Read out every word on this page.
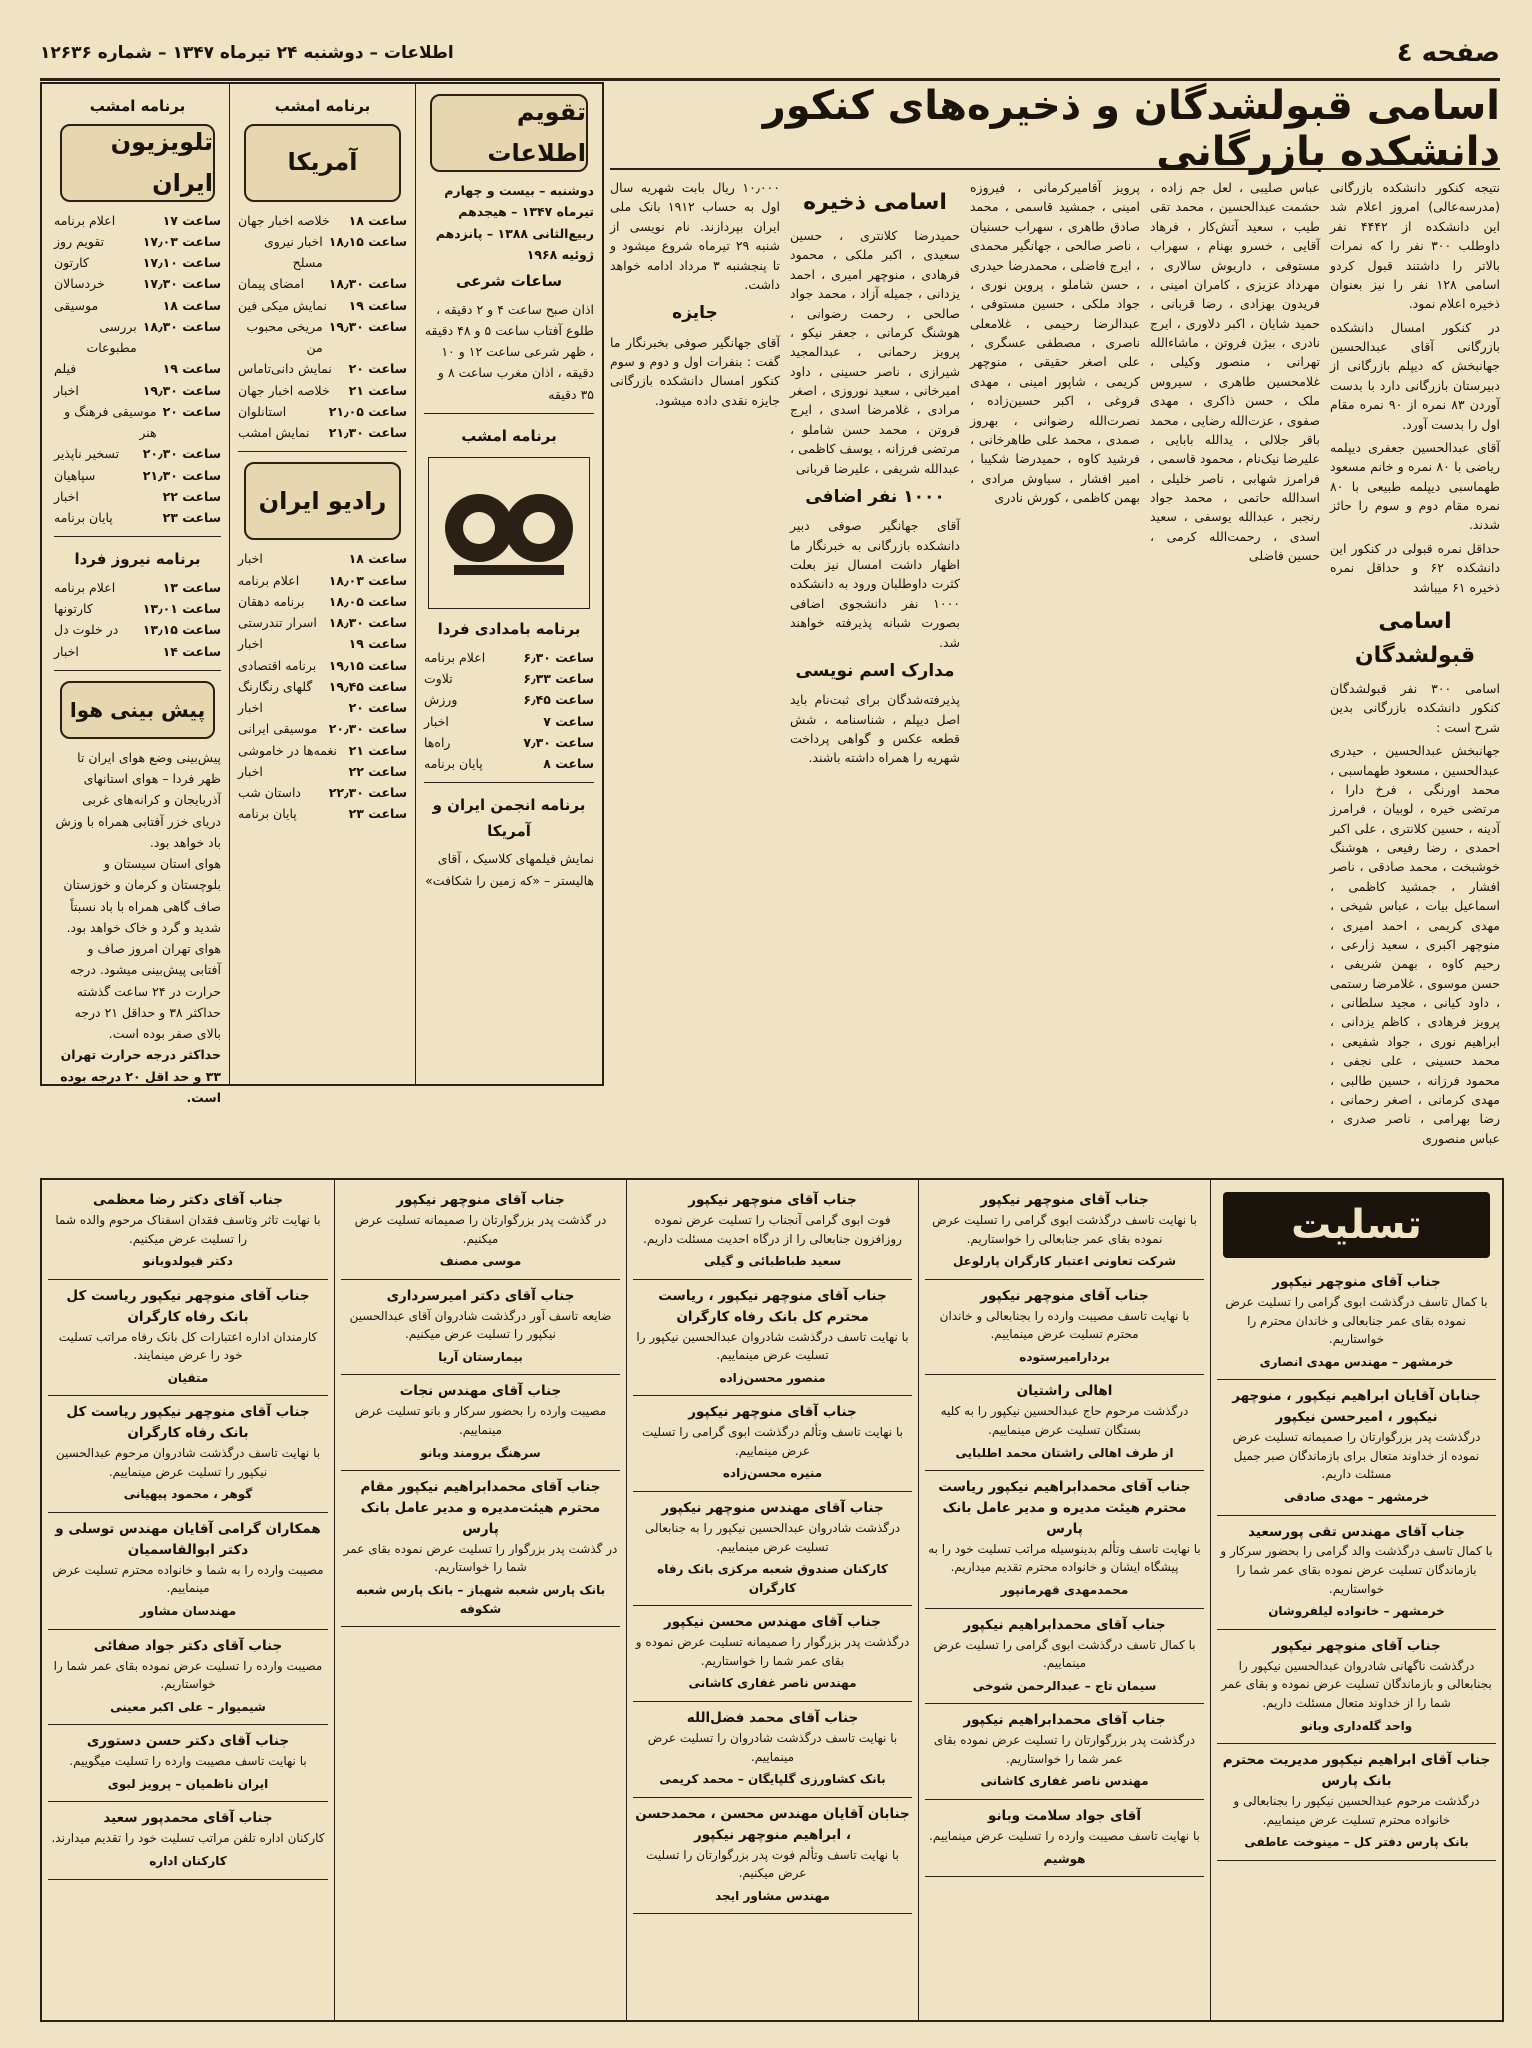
صفحه ٤
اطلاعات – دوشنبه ۲۴ تیرماه ۱۳۴۷ – شماره ۱۲۶۳۶
اسامی قبولشدگان و ذخیره‌های کنکور دانشکده بازرگانی

نتیجه کنکور دانشکده بازرگانی (مدرسه‌عالی) امروز اعلام شد این دانشکده از ۴۴۴۲ نفر داوطلب ۳۰۰ نفر را که نمرات بالاتر را داشتند قبول کردو اسامی ۱۲۸ نفر را نیز بعنوان ذخیره اعلام نمود.

در کنکور امسال دانشکده بازرگانی آقای عبدالحسین جهانبخش که دیپلم بازرگانی از دبیرستان بازرگانی دارد با بدست آوردن ۸۳ نمره از ۹۰ نمره مقام اول را بدست آورد.

آقای عبدالحسین جعفری دیپلمه ریاضی با ۸۰ نمره و خانم مسعود طهماسبی دیپلمه طبیعی با ۸۰ نمره مقام دوم و سوم را حائز شدند.

حداقل نمره قبولی در کنکور این دانشکده ۶۲ و حداقل نمره ذخیره ۶۱ میباشد

اسامی قبولشدگان

اسامی ۳۰۰ نفر قبولشدگان کنکور دانشکده بازرگانی بدین شرح است :

جهانبخش عبدالحسین ، حیدری عبدالحسین ، مسعود طهماسبی ، محمد اورنگی ، فرخ دارا ، مرتضی خیره ، لوبیان ، فرامرز آدینه ، حسین کلانتری ، علی اکبر احمدی ، رضا رفیعی ، هوشنگ خوشبخت ، محمد صادقی ، ناصر افشار ، جمشید کاظمی ، اسماعیل بیات ، عباس شیخی ، مهدی کریمی ، احمد امیری ، منوچهر اکبری ، سعید زارعی ، رحیم کاوه ، بهمن شریفی ، حسن موسوی ، غلامرضا رستمی ، داود کیانی ، مجید سلطانی ، پرویز فرهادی ، کاظم یزدانی ، ابراهیم نوری ، جواد شفیعی ، محمد حسینی ، علی نجفی ، محمود فرزانه ، حسین طالبی ، مهدی کرمانی ، اصغر رحمانی ، رضا بهرامی ، ناصر صدری ، عباس منصوری

عباس صلیبی ، لعل جم زاده ، حشمت عبدالحسین ، محمد تقی طیب ، سعید آتش‌کار ، فرهاد آقایی ، خسرو بهنام ، سهراب مستوفی ، داریوش سالاری ، مهرداد عزیزی ، کامران امینی ، فریدون بهزادی ، رضا قربانی ، حمید شایان ، اکبر دلاوری ، ایرج نادری ، بیژن فروتن ، ماشاءالله تهرانی ، منصور وکیلی ، غلامحسین طاهری ، سیروس ملک ، حسن ذاکری ، مهدی صفوی ، عزت‌الله رضایی ، محمد باقر جلالی ، یدالله بابایی ، علیرضا نیک‌نام ، محمود قاسمی ، فرامرز شهابی ، ناصر خلیلی ، اسدالله حاتمی ، محمد جواد رنجبر ، عبدالله یوسفی ، سعید اسدی ، رحمت‌الله کرمی ، حسین فاضلی

پرویز آقامیرکرمانی ، فیروزه امینی ، جمشید قاسمی ، محمد صادق طاهری ، سهراب حسنیان ، ناصر صالحی ، جهانگیر محمدی ، ایرج فاضلی ، محمدرضا حیدری ، حسن شاملو ، پروین نوری ، جواد ملکی ، حسین مستوفی ، عبدالرضا رحیمی ، غلامعلی ناصری ، مصطفی عسگری ، علی اصغر حقیقی ، منوچهر کریمی ، شاپور امینی ، مهدی فروغی ، اکبر حسین‌زاده ، نصرت‌الله رضوانی ، بهروز صمدی ، محمد علی طاهرخانی ، فرشید کاوه ، حمیدرضا شکیبا ، امیر افشار ، سیاوش مرادی ، بهمن کاظمی ، کورش نادری

اسامی ذخیره

حمیدرضا کلانتری ، حسین سعیدی ، اکبر ملکی ، محمود فرهادی ، منوچهر امیری ، احمد یزدانی ، جمیله آزاد ، محمد جواد صالحی ، رحمت رضوانی ، هوشنگ کرمانی ، جعفر نیکو ، پرویز رحمانی ، عبدالمجید شیرازی ، ناصر حسینی ، داود امیرخانی ، سعید نوروزی ، اصغر مرادی ، غلامرضا اسدی ، ایرج فروتن ، محمد حسن شاملو ، مرتضی فرزانه ، یوسف کاظمی ، عبدالله شریفی ، علیرضا قربانی

۱۰۰۰ نفر اضافی

آقای جهانگیر صوفی دبیر دانشکده بازرگانی به خبرنگار ما اظهار داشت امسال نیز بعلت کثرت داوطلبان ورود به دانشکده ۱۰۰۰ نفر دانشجوی اضافی بصورت شبانه پذیرفته خواهند شد.

مدارک اسم نویسی

پذیرفته‌شدگان برای ثبت‌نام باید اصل دیپلم ، شناسنامه ، شش قطعه عکس و گواهی پرداخت شهریه را همراه داشته باشند.

۱۰٫۰۰۰ ریال بابت شهریه سال اول به حساب ۱۹۱۲ بانک ملی ایران بپردازند. نام نویسی از شنبه ۲۹ تیرماه شروع میشود و تا پنجشنبه ۳ مرداد ادامه خواهد داشت.

جایزه

آقای جهانگیر صوفی بخبرنگار ما گفت : بنفرات اول و دوم و سوم کنکور امسال دانشکده بازرگانی جایزه نقدی داده میشود.

تقویم اطلاعات
دوشنبه – بیست و چهارم تیرماه ۱۳۴۷ – هیجدهم ربیع‌الثانی ۱۳۸۸ – پانزدهم ژوئیه ۱۹۶۸
ساعات شرعی
اذان صبح ساعت ۴ و ۲ دقیقه ، طلوع آفتاب ساعت ۵ و ۴۸ دقیقه ، ظهر شرعی ساعت ۱۲ و ۱۰ دقیقه ، اذان مغرب ساعت ۸ و ۳۵ دقیقه
برنامه امشب
برنامه بامدادی فردا
ساعت ۶٫۳۰
اعلام برنامه
ساعت ۶٫۳۳
تلاوت
ساعت ۶٫۴۵
ورزش
ساعت ۷
اخبار
ساعت ۷٫۳۰
راه‌ها
ساعت ۸
پایان برنامه
برنامه انجمن ایران و آمریکا
نمایش فیلمهای کلاسیک ، آقای هالیستر – «که زمین را شکافت»
برنامه امشب
آمریکا
ساعت ۱۸
خلاصه اخبار جهان
ساعت ۱۸٫۱۵
اخبار نیروی مسلح
ساعت ۱۸٫۳۰
امضای پیمان
ساعت ۱۹
نمایش میکی فین
ساعت ۱۹٫۳۰
مریخی محبوب من
ساعت ۲۰
نمایش دانی‌تاماس
ساعت ۲۱
خلاصه اخبار جهان
ساعت ۲۱٫۰۵
استانلوان
ساعت ۲۱٫۳۰
نمایش امشب
رادیو ایران
ساعت ۱۸
اخبار
ساعت ۱۸٫۰۳
اعلام برنامه
ساعت ۱۸٫۰۵
برنامه دهقان
ساعت ۱۸٫۳۰
اسرار تندرستی
ساعت ۱۹
اخبار
ساعت ۱۹٫۱۵
برنامه اقتصادی
ساعت ۱۹٫۴۵
گلهای رنگارنگ
ساعت ۲۰
اخبار
ساعت ۲۰٫۳۰
موسیقی ایرانی
ساعت ۲۱
نغمه‌ها در خاموشی
ساعت ۲۲
اخبار
ساعت ۲۲٫۳۰
داستان شب
ساعت ۲۳
پایان برنامه
برنامه امشب
تلویزیون ایران
ساعت ۱۷
اعلام برنامه
ساعت ۱۷٫۰۳
تقویم روز
ساعت ۱۷٫۱۰
کارتون
ساعت ۱۷٫۳۰
خردسالان
ساعت ۱۸
موسیقی
ساعت ۱۸٫۳۰
بررسی مطبوعات
ساعت ۱۹
فیلم
ساعت ۱۹٫۳۰
اخبار
ساعت ۲۰
موسیقی فرهنگ و هنر
ساعت ۲۰٫۳۰
تسخیر ناپذیر
ساعت ۲۱٫۳۰
سپاهیان
ساعت ۲۲
اخبار
ساعت ۲۳
پایان برنامه
برنامه نیروز فردا
ساعت ۱۳
اعلام برنامه
ساعت ۱۳٫۰۱
کارتونها
ساعت ۱۳٫۱۵
در خلوت دل
ساعت ۱۴
اخبار
پیش بینی هوا
پیش‌بینی وضع هوای ایران تا ظهر فردا – هوای استانهای آذربایجان و کرانه‌های غربی دریای خزر آفتابی همراه با وزش باد خواهد بود.
هوای استان سیستان و بلوچستان و کرمان و خوزستان صاف گاهی همراه با باد نسبتاً شدید و گرد و خاک خواهد بود.
هوای تهران امروز صاف و آفتابی پیش‌بینی میشود. درجه حرارت در ۲۴ ساعت گذشته حداکثر ۳۸ و حداقل ۲۱ درجه بالای صفر بوده است.
حداکثر درجه حرارت تهران ۳۳ و حد اقل ۲۰ درجه بوده است.
تسلیت
جناب آقای منوچهر نیکپور
با کمال تاسف درگذشت ابوی گرامی را تسلیت عرض نموده بقای عمر جنابعالی و خاندان محترم را خواستاریم.
خرمشهر – مهندس مهدی انصاری
جنابان آقایان ابراهیم نیکپور ، منوچهر نیکپور ، امیرحسن نیکپور
درگذشت پدر بزرگوارتان را صمیمانه تسلیت عرض نموده از خداوند متعال برای بازماندگان صبر جمیل مسئلت داریم.
خرمشهر – مهدی صادقی
جناب آقای مهندس تقی پورسعید
با کمال تاسف درگذشت والد گرامی را بحضور سرکار و بازماندگان تسلیت عرض نموده بقای عمر شما را خواستاریم.
خرمشهر – خانواده لیلفروشان
جناب آقای منوچهر نیکپور
درگذشت ناگهانی شادروان عبدالحسین نیکپور را بجنابعالی و بازماندگان تسلیت عرض نموده و بقای عمر شما را از خداوند متعال مسئلت داریم.
واحد گله‌داری وبانو
جناب آقای ابراهیم نیکپور مدیریت محترم بانک پارس
درگذشت مرحوم عبدالحسین نیکپور را بجنابعالی و خانواده محترم تسلیت عرض مینماییم.
بانک پارس دفتر کل – مینوخت عاطفی
جناب آقای منوچهر نیکپور
با نهایت تاسف درگذشت ابوی گرامی را تسلیت عرض نموده بقای عمر جنابعالی را خواستاریم.
شرکت تعاونی اعتبار کارگران پارلوعل
جناب آقای منوچهر نیکپور
با نهایت تاسف مصیبت وارده را بجنابعالی و خاندان محترم تسلیت عرض مینماییم.
بردارامیرستوده
اهالی راشتیان
درگذشت مرحوم حاج عبدالحسین نیکپور را به کلیه بستگان تسلیت عرض مینماییم.
از طرف اهالی راشتان محمد اطلبایی
جناب آقای محمدابراهیم نیکپور ریاست محترم هیئت مدیره و مدیر عامل بانک پارس
با نهایت تاسف وتألم بدینوسیله مراتب تسلیت خود را به پیشگاه ایشان و خانواده محترم تقدیم میداریم.
محمدمهدی قهرمانپور
جناب آقای محمدابراهیم نیکپور
با کمال تاسف درگذشت ابوی گرامی را تسلیت عرض مینماییم.
سیمان تاج – عبدالرحمن شوخی
جناب آقای محمدابراهیم نیکپور
درگذشت پدر بزرگوارتان را تسلیت عرض نموده بقای عمر شما را خواستاریم.
مهندس ناصر غفاری کاشانی
آقای جواد سلامت وبانو
با نهایت تاسف مصیبت وارده را تسلیت عرض مینماییم.
هوشیم
جناب آقای منوچهر نیکپور
فوت ابوی گرامی آنجناب را تسلیت عرض نموده روزافزون جنابعالی را از درگاه احدیت مسئلت داریم.
سعید طباطبائی و گیلی
جناب آقای منوچهر نیکپور ، ریاست محترم کل بانک رفاه کارگران
با نهایت تاسف درگذشت شادروان عبدالحسین نیکپور را تسلیت عرض مینماییم.
منصور محسن‌زاده
جناب آقای منوچهر نیکپور
با نهایت تاسف وتألم درگذشت ابوی گرامی را تسلیت عرض مینماییم.
منیره محسن‌زاده
جناب آقای مهندس منوچهر نیکپور
درگذشت شادروان عبدالحسین نیکپور را به جنابعالی تسلیت عرض مینماییم.
کارکنان صندوق شعبه مرکزی بانک رفاه کارگران
جناب آقای مهندس محسن نیکپور
درگذشت پدر بزرگوار را صمیمانه تسلیت عرض نموده و بقای عمر شما را خواستاریم.
مهندس ناصر غفاری کاشانی
جناب آقای محمد فضل‌الله
با نهایت تاسف درگذشت شادروان را تسلیت عرض مینماییم.
بانک کشاورزی گلپایگان – محمد کریمی
جنابان آقایان مهندس محسن ، محمدحسن ، ابراهیم منوچهر نیکپور
با نهایت تاسف وتألم فوت پدر بزرگوارتان را تسلیت عرض میکنیم.
مهندس مشاور ایجد
جناب آقای منوچهر نیکپور
در گذشت پدر بزرگوارتان را صمیمانه تسلیت عرض میکنیم.
موسی مصنف
جناب آقای دکتر امیرسرداری
ضایعه تاسف آور درگذشت شادروان آقای عبدالحسین نیکپور را تسلیت عرض میکنیم.
بیمارستان آریا
جناب آقای مهندس نجات
مصیبت وارده را بحضور سرکار و بانو تسلیت عرض مینماییم.
سرهنگ برومند وبانو
جناب آقای محمدابراهیم نیکپور مقام محترم هیئت‌مدیره و مدیر عامل بانک پارس
در گذشت پدر بزرگوار را تسلیت عرض نموده بقای عمر شما را خواستاریم.
بانک پارس شعبه شهباز – بانک پارس شعبه شکوفه
جناب آقای دکتر رضا معظمی
با نهایت تاثر وتاسف فقدان اسفناک مرحوم والده شما را تسلیت عرض میکنیم.
دکتر قیولدوبانو
جناب آقای منوچهر نیکپور ریاست کل بانک رفاه کارگران
کارمندان اداره اعتبارات کل بانک رفاه مراتب تسلیت خود را عرض مینمایند.
متقیان
جناب آقای منوچهر نیکپور ریاست کل بانک رفاه کارگران
با نهایت تاسف درگذشت شادروان مرحوم عبدالحسین نیکپور را تسلیت عرض مینماییم.
گوهر ، محمود پیهیانی
همکاران گرامی آقایان مهندس توسلی و دکتر ابوالقاسمیان
مصیبت وارده را به شما و خانواده محترم تسلیت عرض مینماییم.
مهندسان مشاور
جناب آقای دکتر جواد صفائی
مصیبت وارده را تسلیت عرض نموده بقای عمر شما را خواستاریم.
شیمیوار – علی اکبر معینی
جناب آقای دکتر حسن دستوری
با نهایت تاسف مصیبت وارده را تسلیت میگوییم.
ایران ناظمیان – پرویز لبوی
جناب آقای محمدپور سعید
کارکنان اداره تلفن مراتب تسلیت خود را تقدیم میدارند.
کارکنان اداره
